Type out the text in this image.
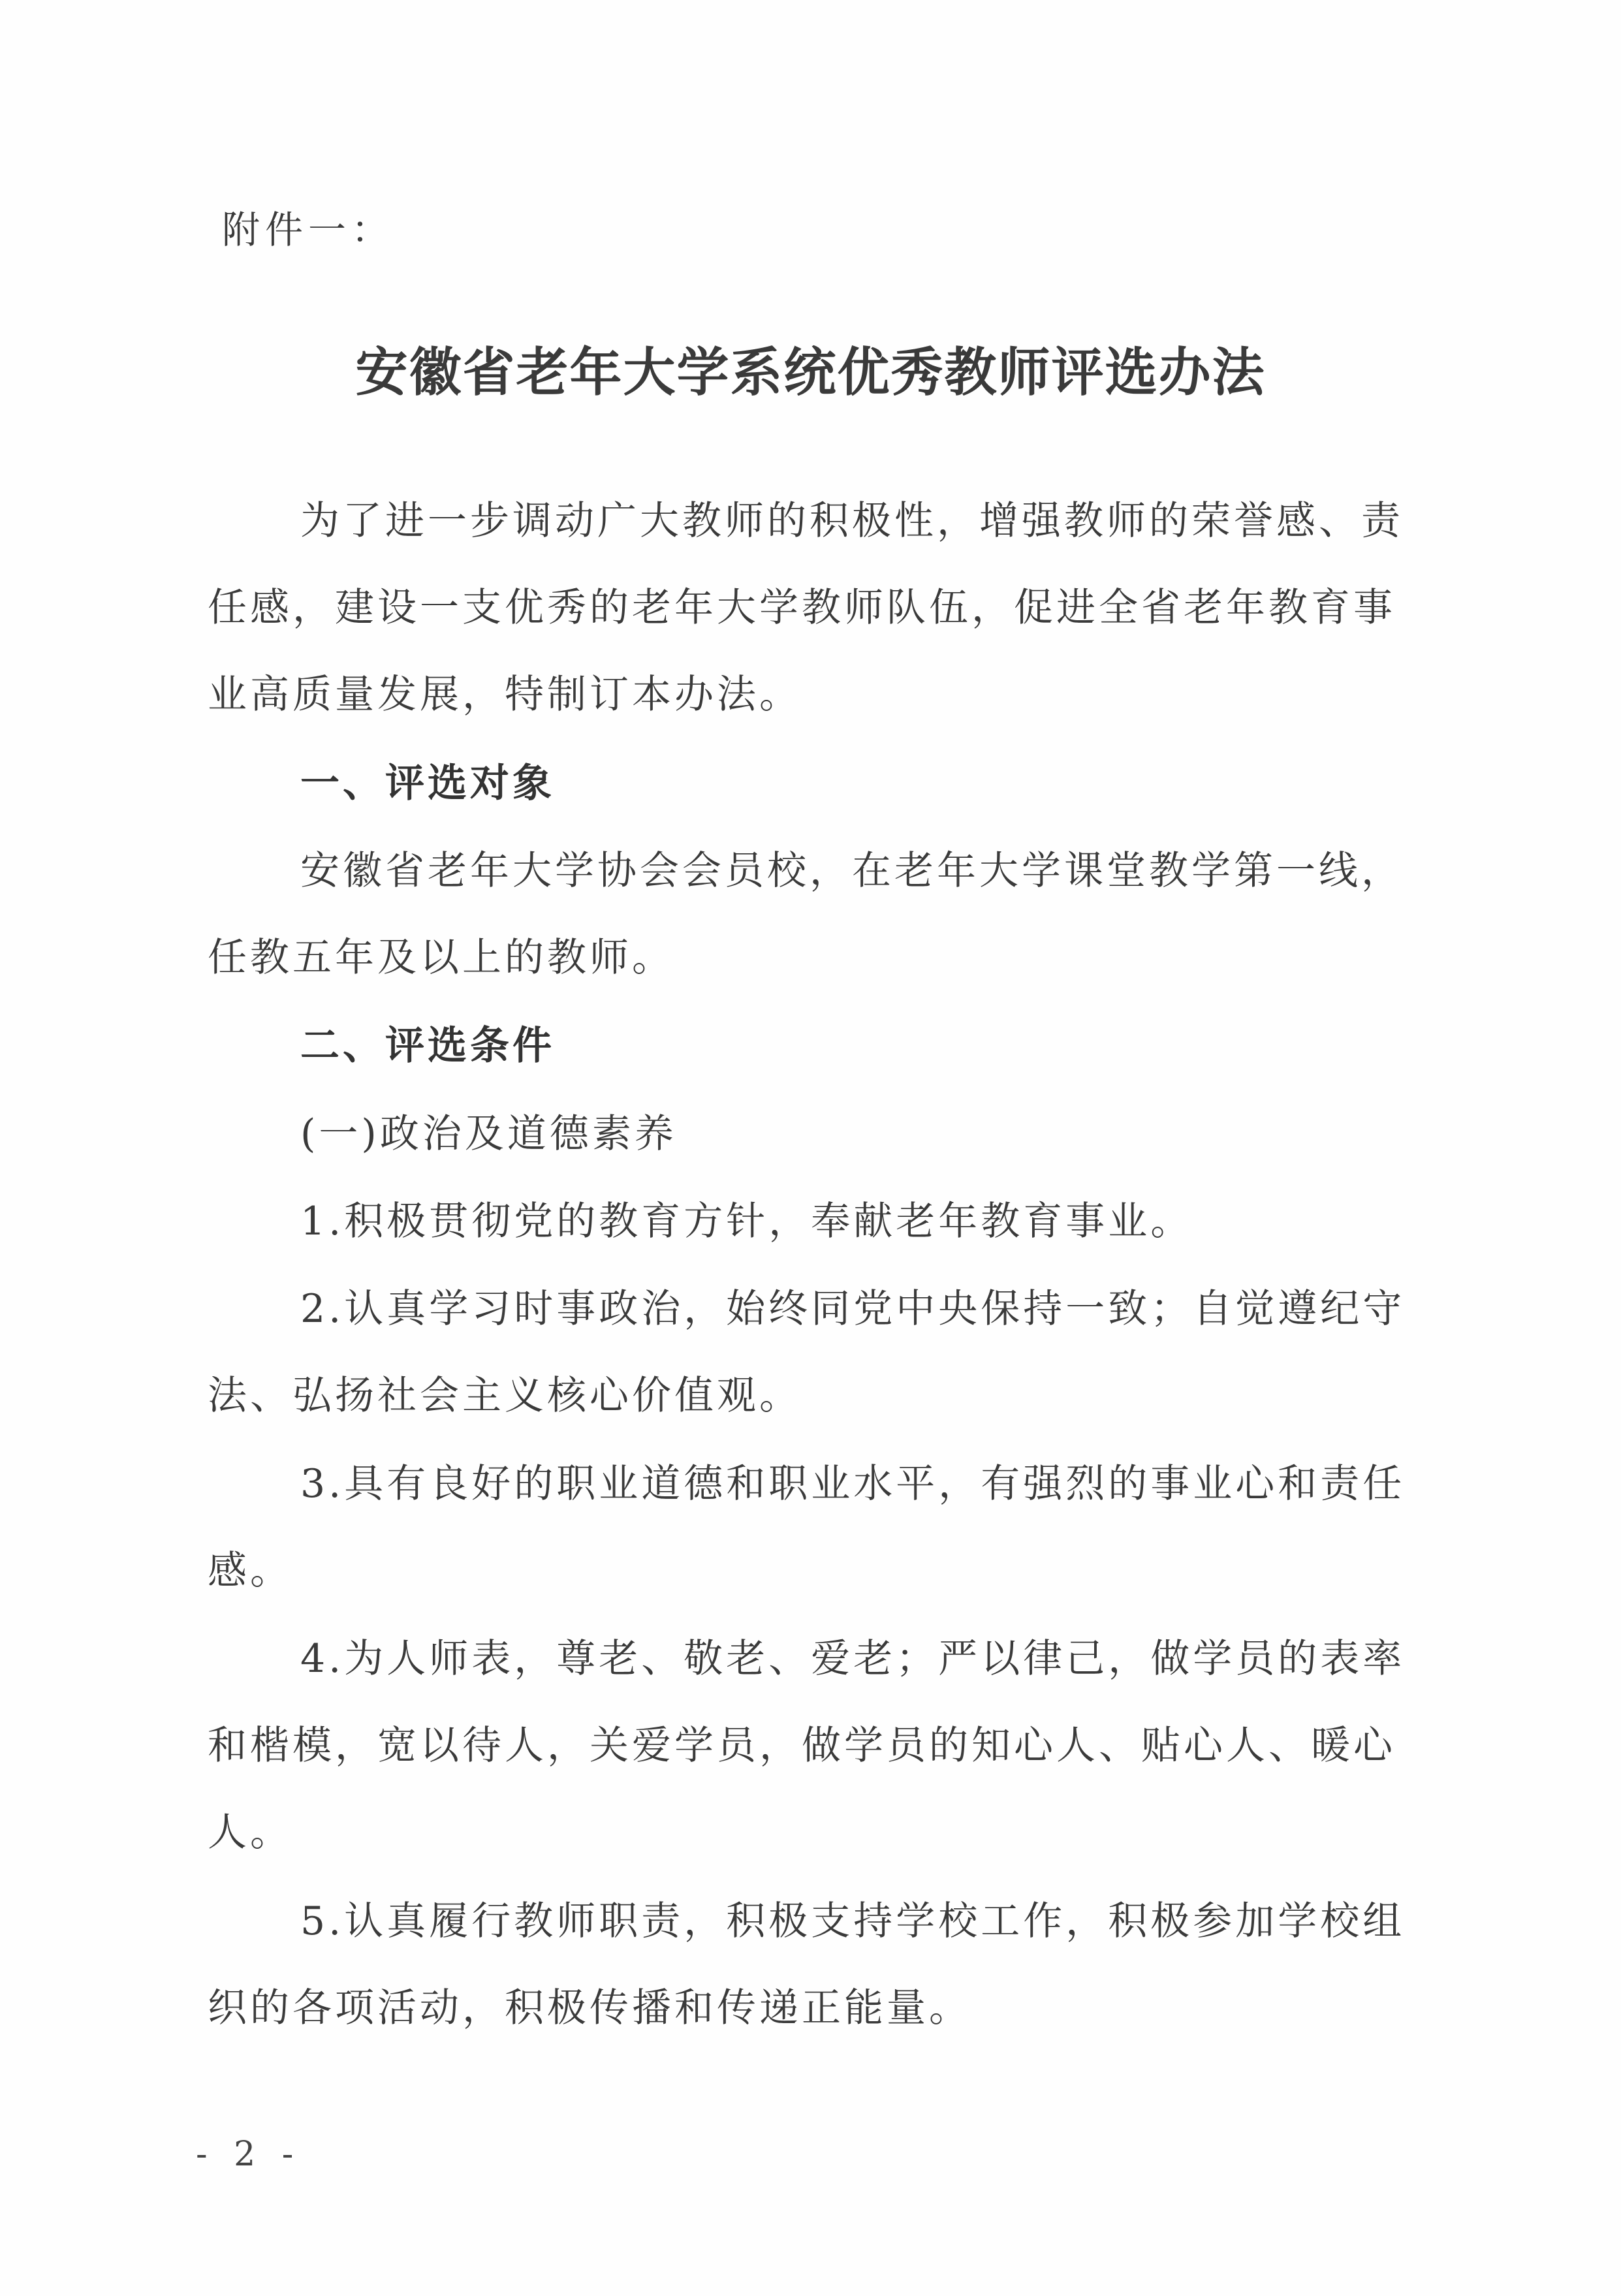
附件一：
安徽省老年大学系统优秀教师评选办法

为了进一步调动广大教师的积极性，增强教师的荣誉感、责任感，建设一支优秀的老年大学教师队伍，促进全省老年教育事业高质量发展，特制订本办法。

一、评选对象

安徽省老年大学协会会员校，在老年大学课堂教学第一线，任教五年及以上的教师。

二、评选条件

(一)政治及道德素养

1.积极贯彻党的教育方针，奉献老年教育事业。

2.认真学习时事政治，始终同党中央保持一致；自觉遵纪守法、弘扬社会主义核心价值观。

3.具有良好的职业道德和职业水平，有强烈的事业心和责任感。

4.为人师表，尊老、敬老、爱老；严以律己，做学员的表率和楷模，宽以待人，关爱学员，做学员的知心人、贴心人、暖心人。

5.认真履行教师职责，积极支持学校工作，积极参加学校组织的各项活动，积极传播和传递正能量。

- 2 -
